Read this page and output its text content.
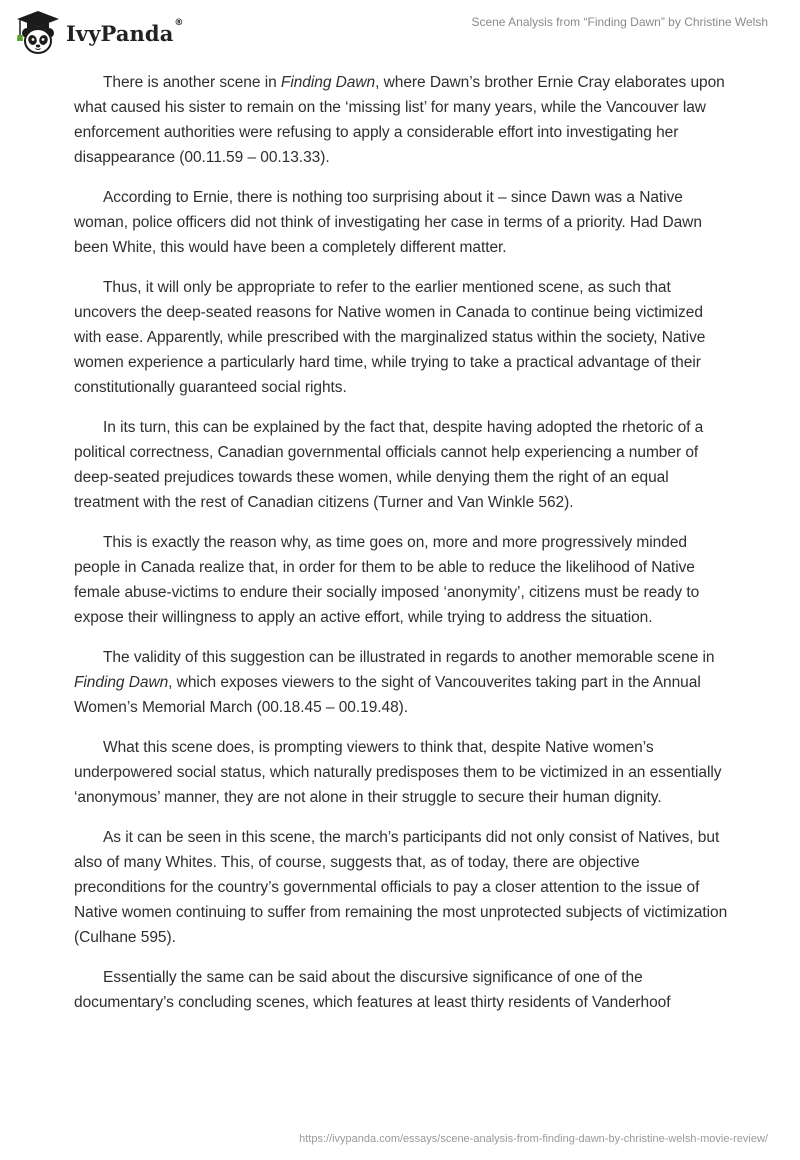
IvyPanda®	Scene Analysis from “Finding Dawn” by Christine Welsh

There is another scene in Finding Dawn, where Dawn’s brother Ernie Cray elaborates upon what caused his sister to remain on the ‘missing list’ for many years, while the Vancouver law enforcement authorities were refusing to apply a considerable effort into investigating her disappearance (00.11.59 – 00.13.33).

According to Ernie, there is nothing too surprising about it – since Dawn was a Native woman, police officers did not think of investigating her case in terms of a priority. Had Dawn been White, this would have been a completely different matter.

Thus, it will only be appropriate to refer to the earlier mentioned scene, as such that uncovers the deep-seated reasons for Native women in Canada to continue being victimized with ease. Apparently, while prescribed with the marginalized status within the society, Native women experience a particularly hard time, while trying to take a practical advantage of their constitutionally guaranteed social rights.

In its turn, this can be explained by the fact that, despite having adopted the rhetoric of a political correctness, Canadian governmental officials cannot help experiencing a number of deep-seated prejudices towards these women, while denying them the right of an equal treatment with the rest of Canadian citizens (Turner and Van Winkle 562).

This is exactly the reason why, as time goes on, more and more progressively minded people in Canada realize that, in order for them to be able to reduce the likelihood of Native female abuse-victims to endure their socially imposed ‘anonymity’, citizens must be ready to expose their willingness to apply an active effort, while trying to address the situation.

The validity of this suggestion can be illustrated in regards to another memorable scene in Finding Dawn, which exposes viewers to the sight of Vancouverites taking part in the Annual Women’s Memorial March (00.18.45 – 00.19.48).

What this scene does, is prompting viewers to think that, despite Native women’s underpowered social status, which naturally predisposes them to be victimized in an essentially ‘anonymous’ manner, they are not alone in their struggle to secure their human dignity.

As it can be seen in this scene, the march’s participants did not only consist of Natives, but also of many Whites. This, of course, suggests that, as of today, there are objective preconditions for the country’s governmental officials to pay a closer attention to the issue of Native women continuing to suffer from remaining the most unprotected subjects of victimization (Culhane 595).

Essentially the same can be said about the discursive significance of one of the documentary’s concluding scenes, which features at least thirty residents of Vanderhoof

https://ivypanda.com/essays/scene-analysis-from-finding-dawn-by-christine-welsh-movie-review/
